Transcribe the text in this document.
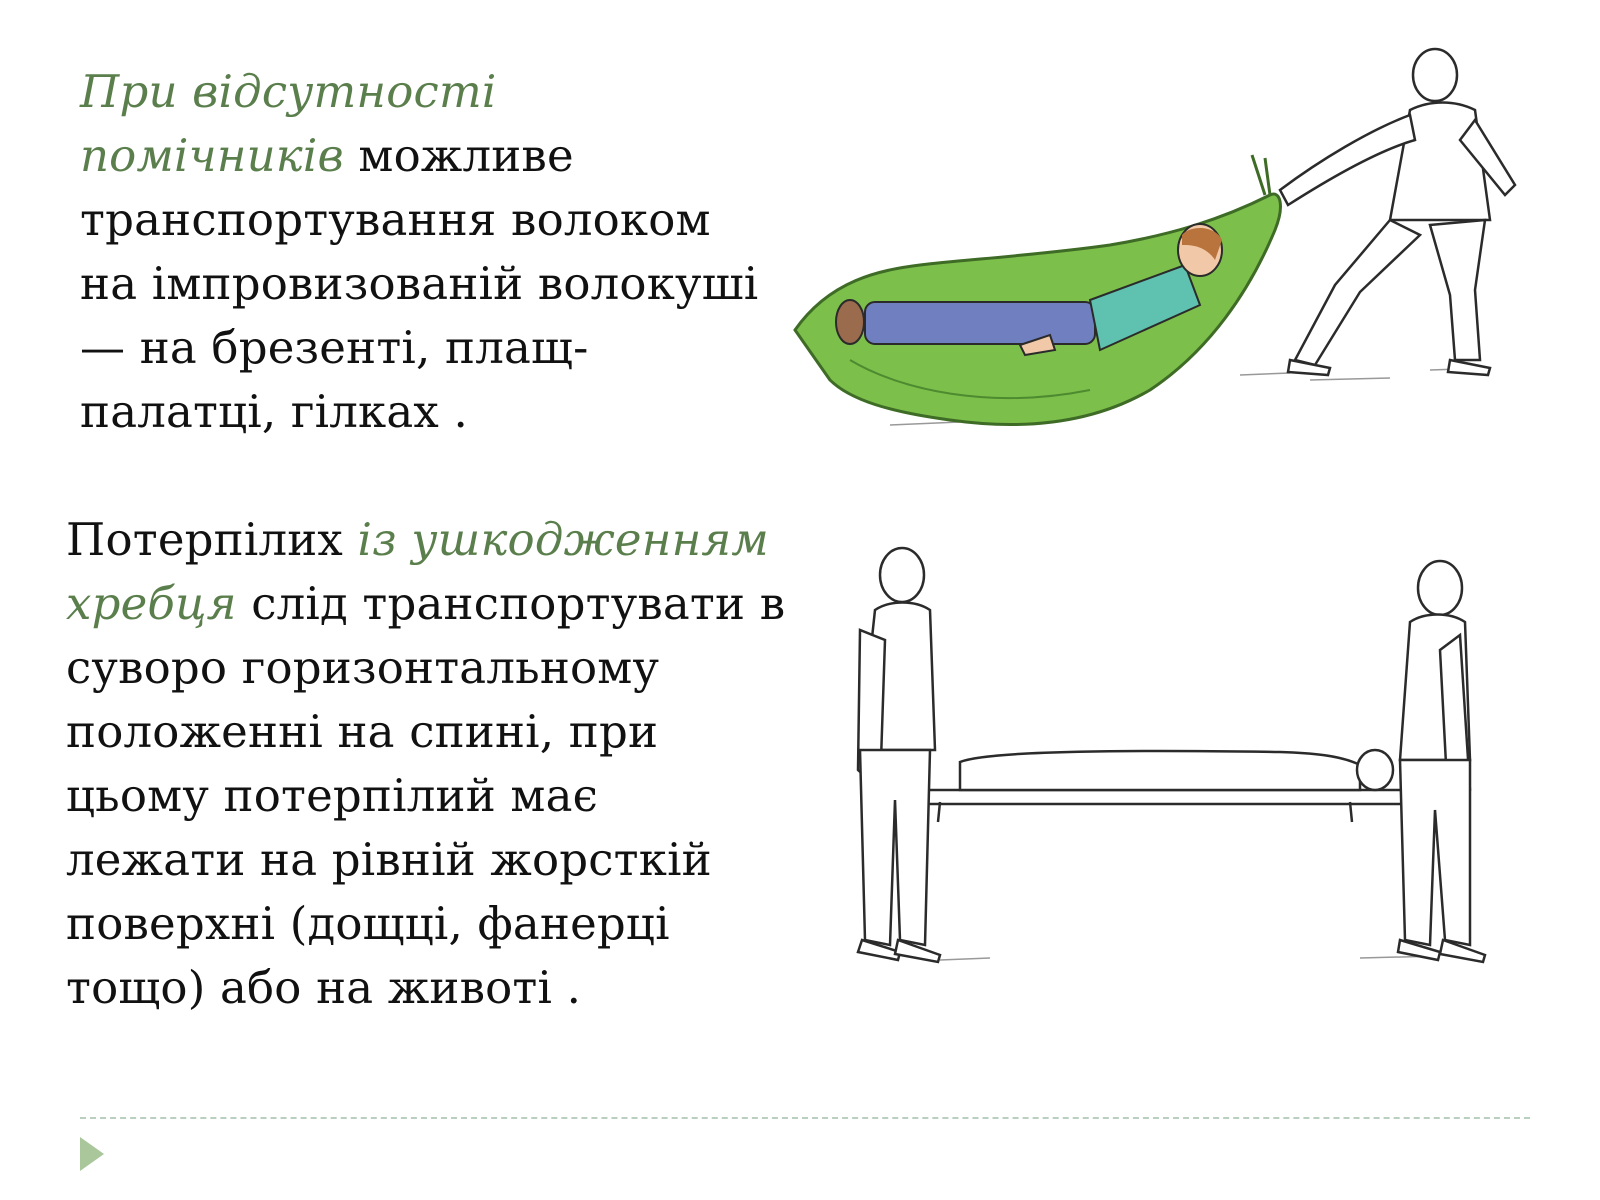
При відсутності помічників можливе транспортування волоком на імпровизованій волокуші — на брезенті, плащ-палатці, гілках .
Потерпілих із ушкодженням хребця слід транспортувати в суворо горизонтальному положенні на спині, при цьому потерпілий має лежати на рівній жорсткій поверхні (дощці, фанерці тощо) або на животі .
